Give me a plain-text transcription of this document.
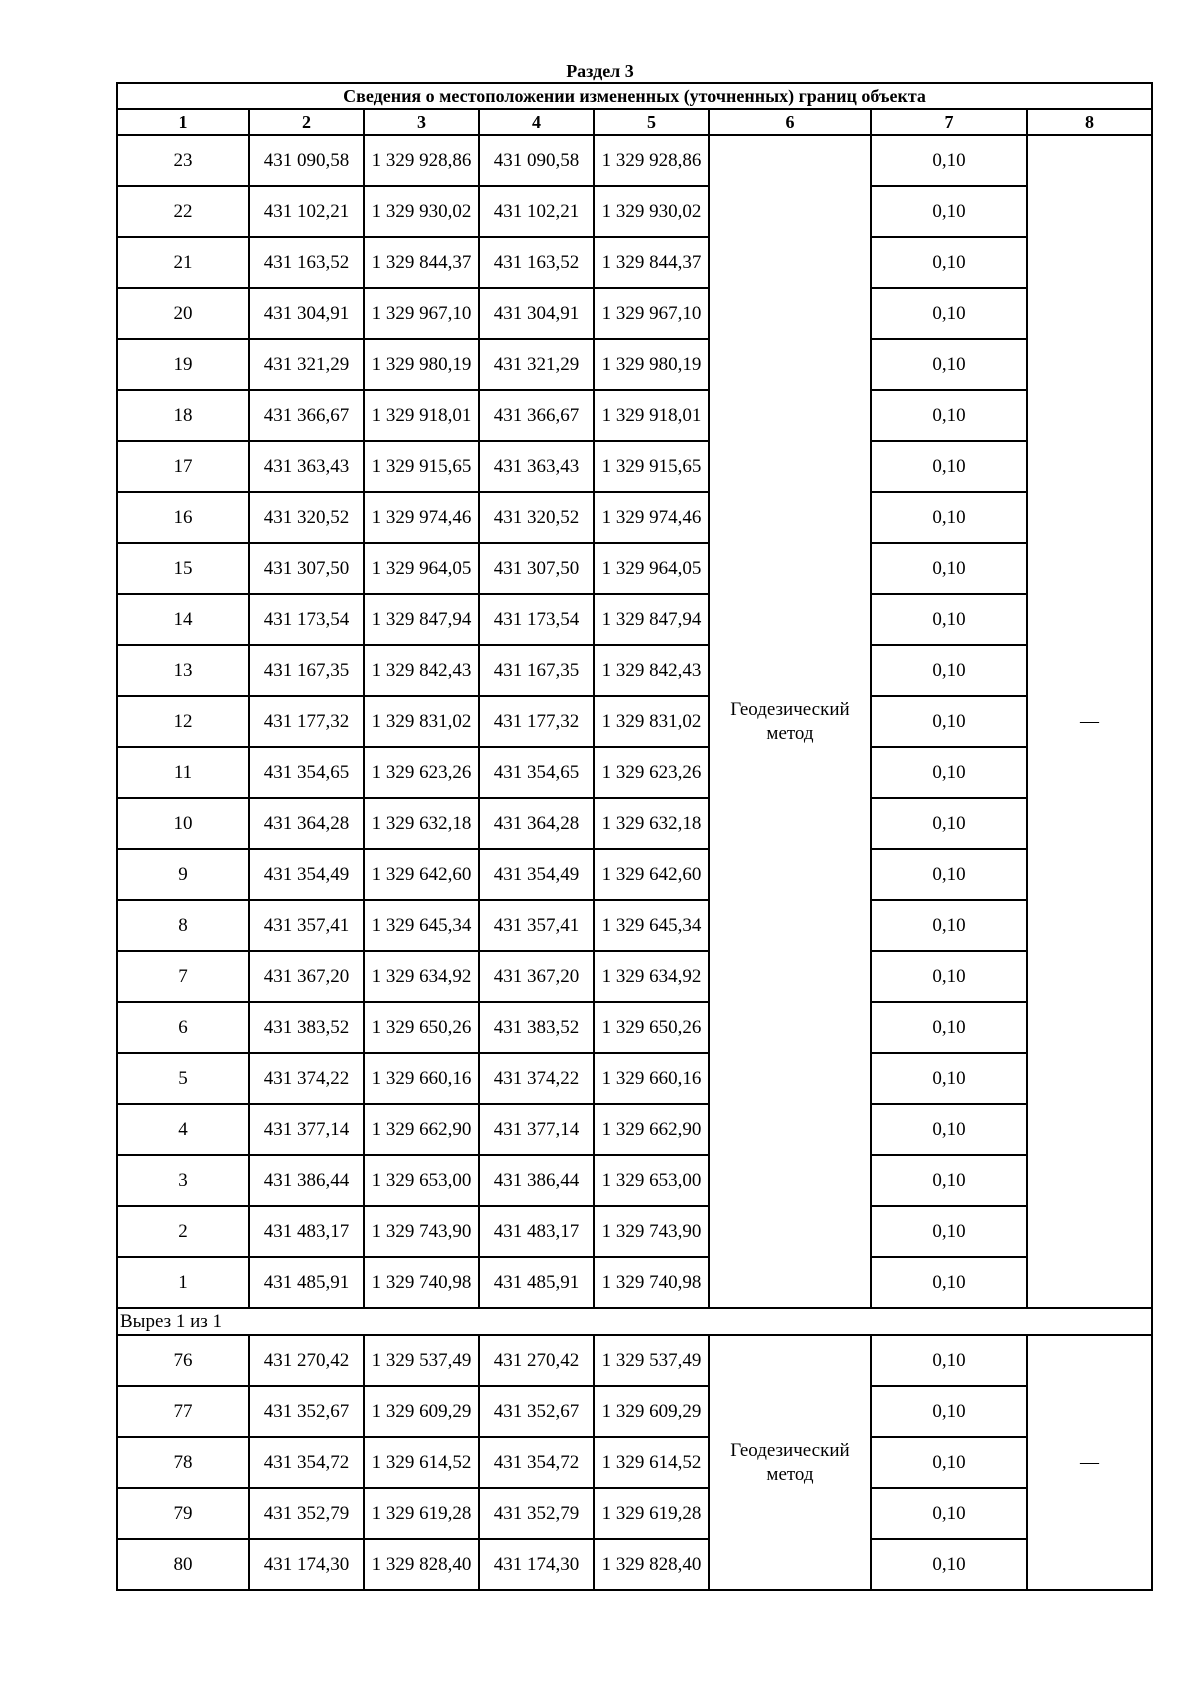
Раздел 3
Сведения о местоположении измененных (уточненных) границ объекта							
1	2	3	4	5	6	7	8
23	431 090,58	1 329 928,86	431 090,58	1 329 928,86	Геодезический метод	0,10	—
22	431 102,21	1 329 930,02	431 102,21	1 329 930,02		0,10	
21	431 163,52	1 329 844,37	431 163,52	1 329 844,37		0,10	
20	431 304,91	1 329 967,10	431 304,91	1 329 967,10		0,10	
19	431 321,29	1 329 980,19	431 321,29	1 329 980,19		0,10	
18	431 366,67	1 329 918,01	431 366,67	1 329 918,01		0,10	
17	431 363,43	1 329 915,65	431 363,43	1 329 915,65		0,10	
16	431 320,52	1 329 974,46	431 320,52	1 329 974,46		0,10	
15	431 307,50	1 329 964,05	431 307,50	1 329 964,05		0,10	
14	431 173,54	1 329 847,94	431 173,54	1 329 847,94		0,10	
13	431 167,35	1 329 842,43	431 167,35	1 329 842,43		0,10	
12	431 177,32	1 329 831,02	431 177,32	1 329 831,02		0,10	
11	431 354,65	1 329 623,26	431 354,65	1 329 623,26		0,10	
10	431 364,28	1 329 632,18	431 364,28	1 329 632,18		0,10	
9	431 354,49	1 329 642,60	431 354,49	1 329 642,60		0,10	
8	431 357,41	1 329 645,34	431 357,41	1 329 645,34		0,10	
7	431 367,20	1 329 634,92	431 367,20	1 329 634,92		0,10	
6	431 383,52	1 329 650,26	431 383,52	1 329 650,26		0,10	
5	431 374,22	1 329 660,16	431 374,22	1 329 660,16		0,10	
4	431 377,14	1 329 662,90	431 377,14	1 329 662,90		0,10	
3	431 386,44	1 329 653,00	431 386,44	1 329 653,00		0,10	
2	431 483,17	1 329 743,90	431 483,17	1 329 743,90		0,10	
1	431 485,91	1 329 740,98	431 485,91	1 329 740,98		0,10	
Вырез 1 из 1							
76	431 270,42	1 329 537,49	431 270,42	1 329 537,49	Геодезический метод	0,10	—
77	431 352,67	1 329 609,29	431 352,67	1 329 609,29		0,10	
78	431 354,72	1 329 614,52	431 354,72	1 329 614,52		0,10	
79	431 352,79	1 329 619,28	431 352,79	1 329 619,28		0,10	
80	431 174,30	1 329 828,40	431 174,30	1 329 828,40		0,10	
